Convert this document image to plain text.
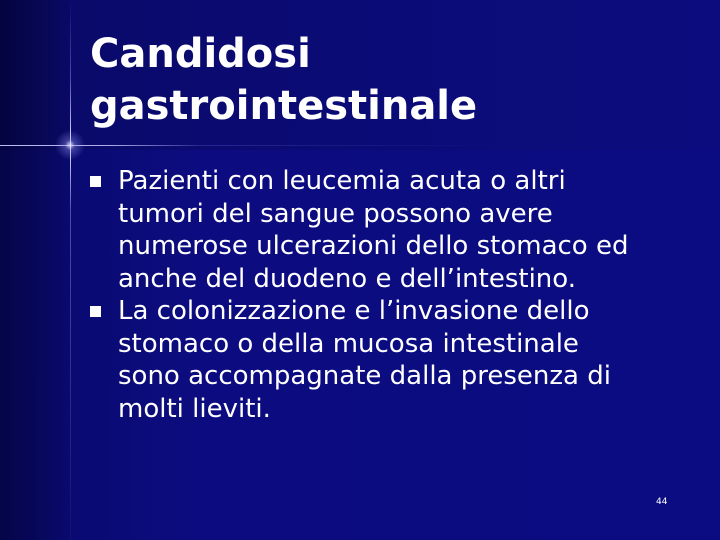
Candidosi
gastrointestinale
Pazienti con leucemia acuta o altri
tumori del sangue possono avere
numerose ulcerazioni dello stomaco ed
anche del duodeno e dell’intestino.
La colonizzazione e l’invasione dello
stomaco o della mucosa intestinale
sono accompagnate dalla presenza di
molti lieviti.
44
